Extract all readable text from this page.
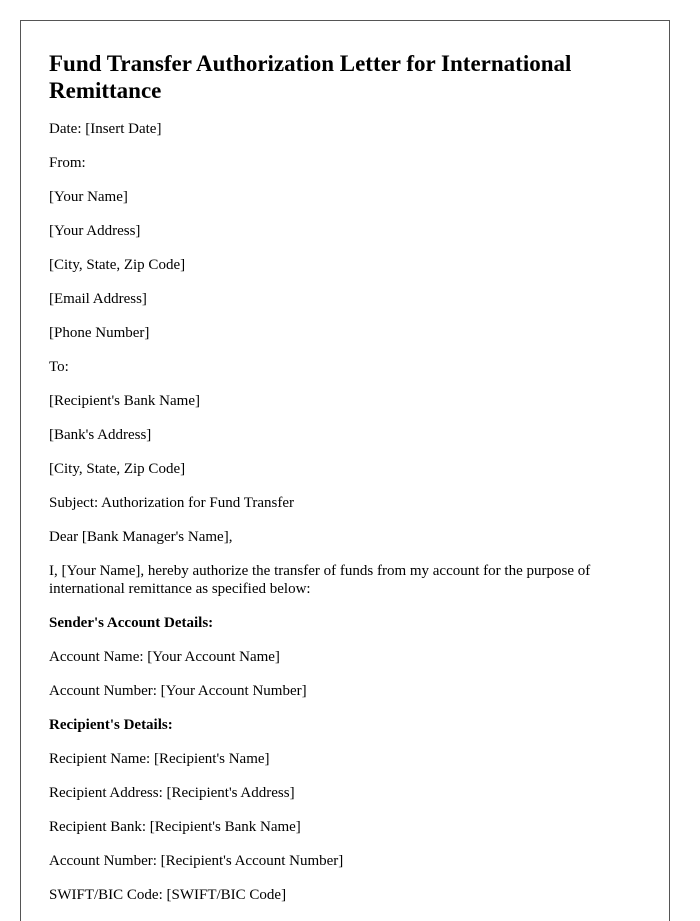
Fund Transfer Authorization Letter for International Remittance

Date: [Insert Date]

From:

[Your Name]

[Your Address]

[City, State, Zip Code]

[Email Address]

[Phone Number]

To:

[Recipient's Bank Name]

[Bank's Address]

[City, State, Zip Code]

Subject: Authorization for Fund Transfer

Dear [Bank Manager's Name],

I, [Your Name], hereby authorize the transfer of funds from my account for the purpose of international remittance as specified below:

Sender's Account Details:

Account Name: [Your Account Name]

Account Number: [Your Account Number]

Recipient's Details:

Recipient Name: [Recipient's Name]

Recipient Address: [Recipient's Address]

Recipient Bank: [Recipient's Bank Name]

Account Number: [Recipient's Account Number]

SWIFT/BIC Code: [SWIFT/BIC Code]
